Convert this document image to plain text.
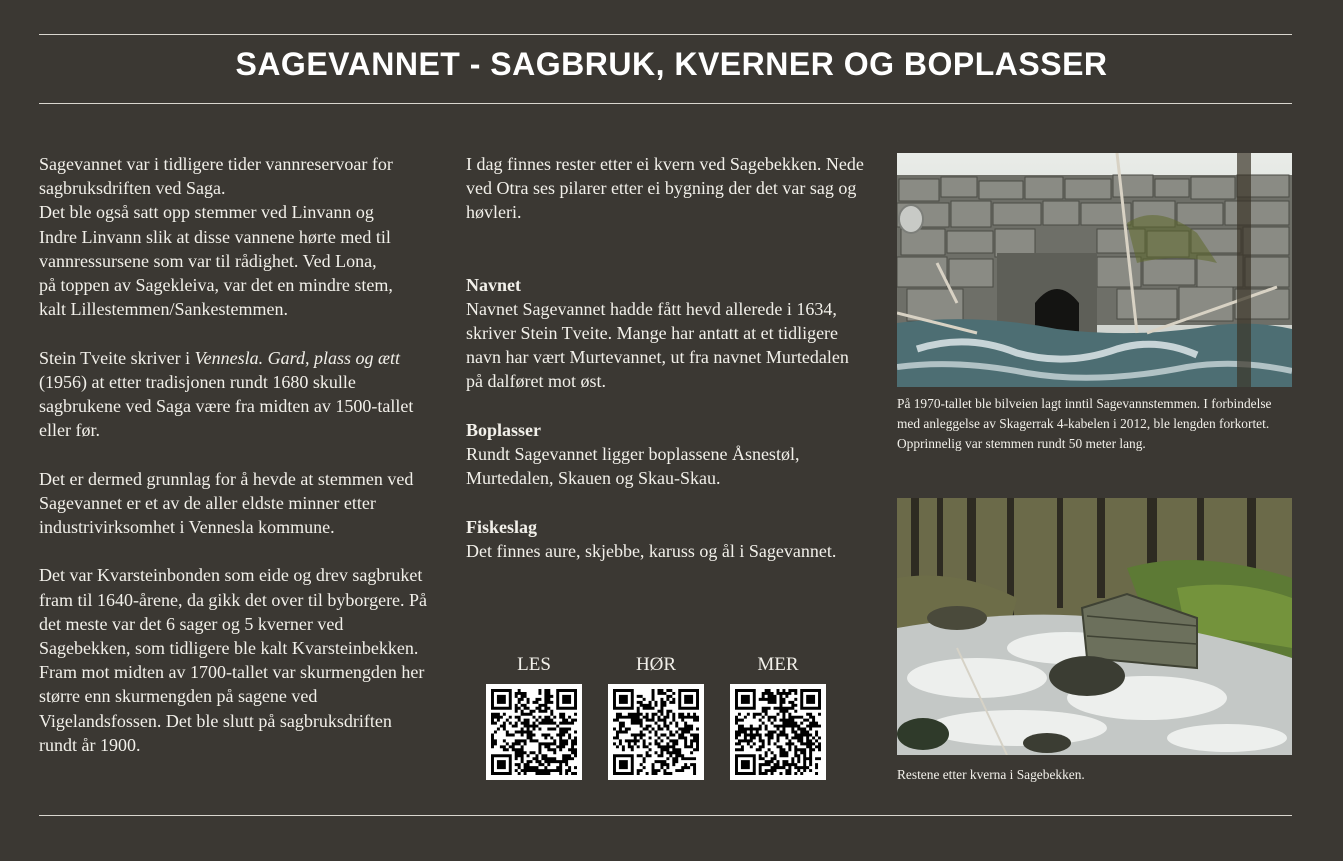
SAGEVANNET - SAGBRUK, KVERNER OG BOPLASSER

Sagevannet var i tidligere tider vannreservoar for
sagbruksdriften ved Saga.
Det ble også satt opp stemmer ved Linvann og
Indre Linvann slik at disse vannene hørte med til
vannressursene som var til rådighet. Ved Lona,
på toppen av Sagekleiva, var det en mindre stem,
kalt Lillestemmen/Sankestemmen.

Stein Tveite skriver i Vennesla. Gard, plass og ætt (1956) at etter tradisjonen rundt 1680 skulle sagbrukene ved Saga være fra midten av 1500-tallet eller før.

Det er dermed grunnlag for å hevde at stemmen ved Sagevannet er et av de aller eldste minner etter industrivirksomhet i Vennesla kommune.

Det var Kvarsteinbonden som eide og drev sagbruket fram til 1640-årene, da gikk det over til byborgere. På det meste var det 6 sager og 5 kverner ved Sagebekken, som tidligere ble kalt Kvarsteinbekken. Fram mot midten av 1700-tallet var skurmengden her større enn skurmengden på sagene ved Vigelandsfossen. Det ble slutt på sagbruksdriften rundt år 1900.

I dag finnes rester etter ei kvern ved Sagebekken. Nede ved Otra ses pilarer etter ei bygning der det var sag og høvleri.

Navnet
Navnet Sagevannet hadde fått hevd allerede i 1634, skriver Stein Tveite. Mange har antatt at et tidligere navn har vært Murtevannet, ut fra navnet Murtedalen på dalføret mot øst.
Boplasser
Rundt Sagevannet ligger boplassene Åsnestøl, Murtedalen, Skauen og Skau-Skau.
Fiskeslag
Det finnes aure, skjebbe, karuss og ål i Sagevannet.
LES	HØR	MER
På 1970-tallet ble bilveien lagt inntil Sagevannstemmen. I forbindelse med anleggelse av Skagerrak 4-kabelen i 2012, ble lengden forkortet. Opprinnelig var stemmen rundt 50 meter lang.
Restene etter kverna i Sagebekken.
